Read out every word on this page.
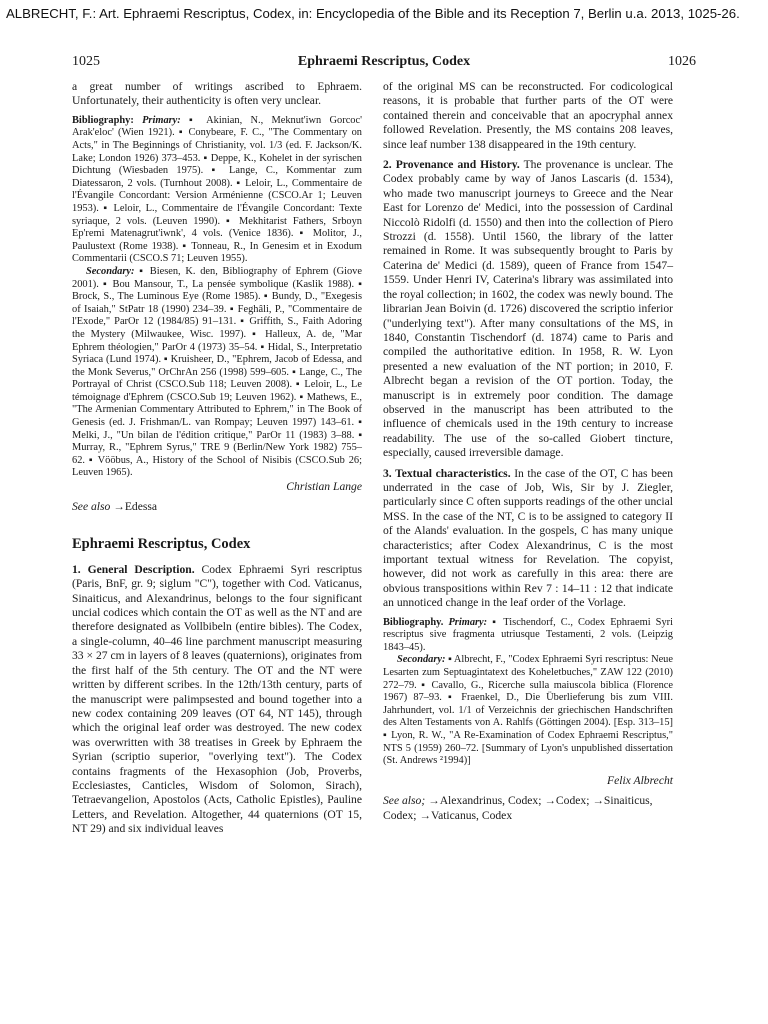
ALBRECHT, F.: Art. Ephraemi Rescriptus, Codex, in: Encyclopedia of the Bible and its Reception 7, Berlin u.a. 2013, 1025-26.
1025	Ephraemi Rescriptus, Codex	1026

a great number of writings ascribed to Ephraem. Unfortunately, their authenticity is often very unclear.

Bibliography: Primary: ▪ Akinian, N., Meknut'iwn Gorcoc' Arak'eloc' (Wien 1921). ▪ Conybeare, F. C., "The Commentary on Acts," in The Beginnings of Christianity, vol. 1/3 (ed. F. Jackson/K. Lake; London 1926) 373–453. ▪ Deppe, K., Kohelet in der syrischen Dichtung (Wiesbaden 1975). ▪ Lange, C., Kommentar zum Diatessaron, 2 vols. (Turnhout 2008). ▪ Leloir, L., Commentaire de l'Évangile Concordant: Version Arménienne (CSCO.Ar 1; Leuven 1953). ▪ Leloir, L., Commentaire de l'Évangile Concordant: Texte syriaque, 2 vols. (Leuven 1990). ▪ Mekhitarist Fathers, Srboyn Ep'remi Matenagrut'iwnk', 4 vols. (Venice 1836). ▪ Molitor, J., Paulustext (Rome 1938). ▪ Tonneau, R., In Genesim et in Exodum Commentarii (CSCO.S 71; Leuven 1955).

Secondary: ▪ Biesen, K. den, Bibliography of Ephrem (Giove 2001). ▪ Bou Mansour, T., La pensée symbolique (Kaslik 1988). ▪ Brock, S., The Luminous Eye (Rome 1985). ▪ Bundy, D., "Exegesis of Isaiah," StPatr 18 (1990) 234–39. ▪ Feghâli, P., "Commentaire de l'Exode," ParOr 12 (1984/85) 91–131. ▪ Griffith, S., Faith Adoring the Mystery (Milwaukee, Wisc. 1997). ▪ Halleux, A. de, "Mar Ephrem théologien," ParOr 4 (1973) 35–54. ▪ Hidal, S., Interpretatio Syriaca (Lund 1974). ▪ Kruisheer, D., "Ephrem, Jacob of Edessa, and the Monk Severus," OrChrAn 256 (1998) 599–605. ▪ Lange, C., The Portrayal of Christ (CSCO.Sub 118; Leuven 2008). ▪ Leloir, L., Le témoignage d'Ephrem (CSCO.Sub 19; Leuven 1962). ▪ Mathews, E., "The Armenian Commentary Attributed to Ephrem," in The Book of Genesis (ed. J. Frishman/L. van Rompay; Leuven 1997) 143–61. ▪ Melki, J., "Un bilan de l'édition critique," ParOr 11 (1983) 3–88. ▪ Murray, R., "Ephrem Syrus," TRE 9 (Berlin/New York 1982) 755–62. ▪ Vööbus, A., History of the School of Nisibis (CSCO.Sub 26; Leuven 1965).

Christian Lange

See also →Edessa

Ephraemi Rescriptus, Codex

1. General Description. Codex Ephraemi Syri rescriptus (Paris, BnF, gr. 9; siglum "C"), together with Cod. Vaticanus, Sinaiticus, and Alexandrinus, belongs to the four significant uncial codices which contain the OT as well as the NT and are therefore designated as Vollbibeln (entire bibles). The Codex, a single-column, 40–46 line parchment manuscript measuring 33 × 27 cm in layers of 8 leaves (quaternions), originates from the first half of the 5th century. The OT and the NT were written by different scribes. In the 12th/13th century, parts of the manuscript were palimpsested and bound together into a new codex containing 209 leaves (OT 64, NT 145), through which the original leaf order was destroyed. The new codex was overwritten with 38 treatises in Greek by Ephraem the Syrian (scriptio superior, "overlying text"). The Codex contains fragments of the Hexasophion (Job, Proverbs, Ecclesiastes, Canticles, Wisdom of Solomon, Sirach), Tetraevangelion, Apostolos (Acts, Catholic Epistles), Pauline Letters, and Revelation. Altogether, 44 quaternions (OT 15, NT 29) and six individual leaves

of the original MS can be reconstructed. For codicological reasons, it is probable that further parts of the OT were contained therein and conceivable that an apocryphal annex followed Revelation. Presently, the MS contains 208 leaves, since leaf number 138 disappeared in the 19th century.

2. Provenance and History. The provenance is unclear. The Codex probably came by way of Janos Lascaris (d. 1534), who made two manuscript journeys to Greece and the Near East for Lorenzo de' Medici, into the possession of Cardinal Niccolò Ridolfi (d. 1550) and then into the collection of Piero Strozzi (d. 1558). Until 1560, the library of the latter remained in Rome. It was subsequently brought to Paris by Caterina de' Medici (d. 1589), queen of France from 1547–1559. Under Henri IV, Caterina's library was assimilated into the royal collection; in 1602, the codex was newly bound. The librarian Jean Boivin (d. 1726) discovered the scriptio inferior ("underlying text"). After many consultations of the MS, in 1840, Constantin Tischendorf (d. 1874) came to Paris and compiled the authoritative edition. In 1958, R. W. Lyon presented a new evaluation of the NT portion; in 2010, F. Albrecht began a revision of the OT portion. Today, the manuscript is in extremely poor condition. The damage observed in the manuscript has been attributed to the influence of chemicals used in the 19th century to increase readability. The use of the so-called Giobert tincture, especially, caused irreversible damage.

3. Textual characteristics. In the case of the OT, C has been underrated in the case of Job, Wis, Sir by J. Ziegler, particularly since C often supports readings of the other uncial MSS. In the case of the NT, C is to be assigned to category II of the Alands' evaluation. In the gospels, C has many unique characteristics; after Codex Alexandrinus, C is the most important textual witness for Revelation. The copyist, however, did not work as carefully in this area: there are obvious transpositions within Rev 7 : 14–11 : 12 that indicate an unnoticed change in the leaf order of the Vorlage.

Bibliography. Primary: ▪ Tischendorf, C., Codex Ephraemi Syri rescriptus sive fragmenta utriusque Testamenti, 2 vols. (Leipzig 1843–45).

Secondary: ▪ Albrecht, F., "Codex Ephraemi Syri rescriptus: Neue Lesarten zum Septuagintatext des Koheletbuches," ZAW 122 (2010) 272–79. ▪ Cavallo, G., Ricerche sulla maiuscola biblica (Florence 1967) 87–93. ▪ Fraenkel, D., Die Überlieferung bis zum VIII. Jahrhundert, vol. 1/1 of Verzeichnis der griechischen Handschriften des Alten Testaments von A. Rahlfs (Göttingen 2004). [Esp. 313–15] ▪ Lyon, R. W., "A Re-Examination of Codex Ephraemi Rescriptus," NTS 5 (1959) 260–72. [Summary of Lyon's unpublished dissertation (St. Andrews ²1994)]

Felix Albrecht

See also; →Alexandrinus, Codex; →Codex; →Sinaiticus, Codex; →Vaticanus, Codex
